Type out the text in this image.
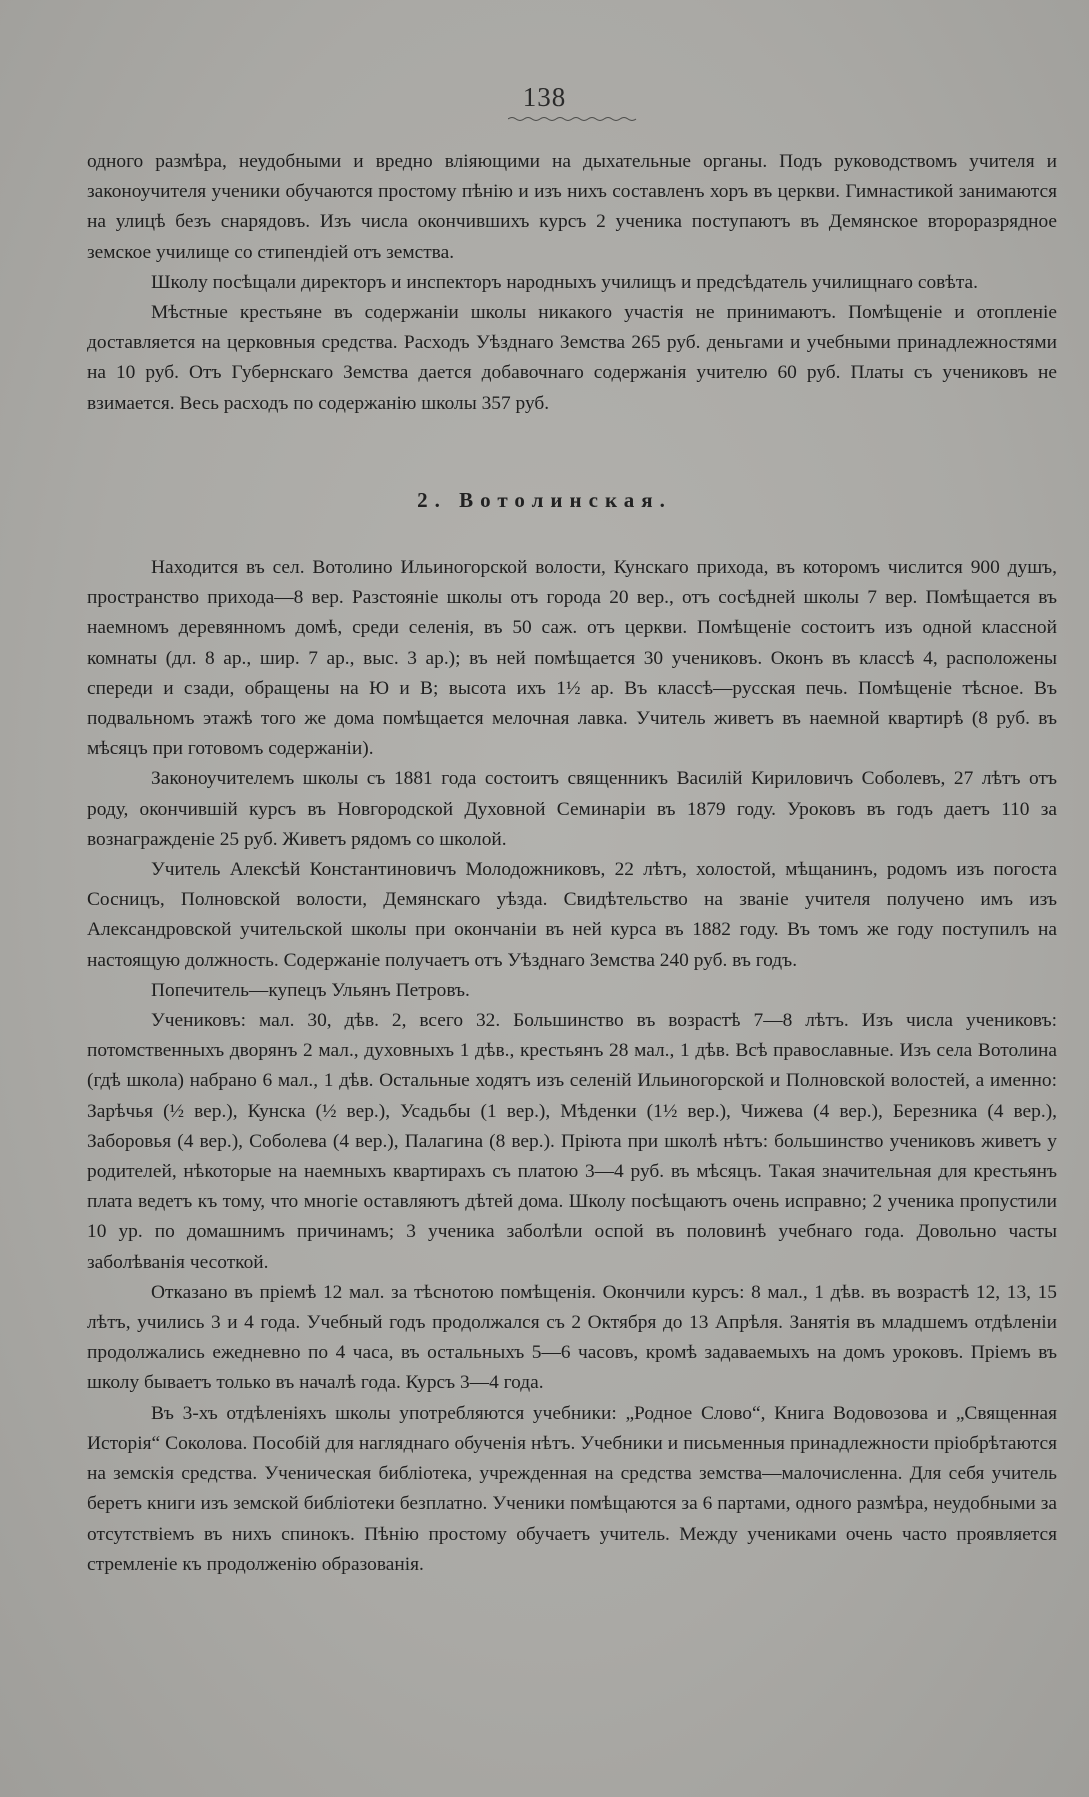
138

одного размѣра, неудобными и вредно вліяющими на дыхательные органы. Подъ руководствомъ учителя и законоучителя ученики обучаются простому пѣнію и изъ нихъ составленъ хоръ въ церкви. Гимнастикой занимаются на улицѣ безъ снарядовъ. Изъ числа окончившихъ курсъ 2 ученика поступаютъ въ Демянское второразрядное земское училище со стипендіей отъ земства.

Школу посѣщали директоръ и инспекторъ народныхъ училищъ и предсѣдатель училищнаго совѣта.

Мѣстные крестьяне въ содержаніи школы никакого участія не принимаютъ. Помѣщеніе и отопленіе доставляется на церковныя средства. Расходъ Уѣзднаго Земства 265 руб. деньгами и учебными принадлежностями на 10 руб. Отъ Губернскаго Земства дается добавочнаго содержанія учителю 60 руб. Платы съ учениковъ не взимается. Весь расходъ по содержанію школы 357 руб.

2. Вотолинская.

Находится въ сел. Вотолино Ильиногорской волости, Кунскаго прихода, въ которомъ числится 900 душъ, пространство прихода—8 вер. Разстояніе школы отъ города 20 вер., отъ сосѣдней школы 7 вер. Помѣщается въ наемномъ деревянномъ домѣ, среди селенія, въ 50 саж. отъ церкви. Помѣщеніе состоитъ изъ одной классной комнаты (дл. 8 ар., шир. 7 ар., выс. 3 ар.); въ ней помѣщается 30 учениковъ. Оконъ въ классѣ 4, расположены спереди и сзади, обращены на Ю и В; высота ихъ 1½ ар. Въ классѣ—русская печь. Помѣщеніе тѣсное. Въ подвальномъ этажѣ того же дома помѣщается мелочная лавка. Учитель живетъ въ наемной квартирѣ (8 руб. въ мѣсяцъ при готовомъ содержаніи).

Законоучителемъ школы съ 1881 года состоитъ священникъ Василій Кириловичъ Соболевъ, 27 лѣтъ отъ роду, окончившій курсъ въ Новгородской Духовной Семинаріи въ 1879 году. Уроковъ въ годъ даетъ 110 за вознагражденіе 25 руб. Живетъ рядомъ со школой.

Учитель Алексѣй Константиновичъ Молодожниковъ, 22 лѣтъ, холостой, мѣщанинъ, родомъ изъ погоста Сосницъ, Полновской волости, Демянскаго уѣзда. Свидѣтельство на званіе учителя получено имъ изъ Александровской учительской школы при окончаніи въ ней курса въ 1882 году. Въ томъ же году поступилъ на настоящую должность. Содержаніе получаетъ отъ Уѣзднаго Земства 240 руб. въ годъ.

Попечитель—купецъ Ульянъ Петровъ.

Учениковъ: мал. 30, дѣв. 2, всего 32. Большинство въ возрастѣ 7—8 лѣтъ. Изъ числа учениковъ: потомственныхъ дворянъ 2 мал., духовныхъ 1 дѣв., крестьянъ 28 мал., 1 дѣв. Всѣ православные. Изъ села Вотолина (гдѣ школа) набрано 6 мал., 1 дѣв. Остальные ходятъ изъ селеній Ильиногорской и Полновской волостей, а именно: Зарѣчья (½ вер.), Кунска (½ вер.), Усадьбы (1 вер.), Мѣденки (1½ вер.), Чижева (4 вер.), Березника (4 вер.), Заборовья (4 вер.), Соболева (4 вер.), Палагина (8 вер.). Пріюта при школѣ нѣтъ: большинство учениковъ живетъ у родителей, нѣкоторые на наемныхъ квартирахъ съ платою 3—4 руб. въ мѣсяцъ. Такая значительная для крестьянъ плата ведетъ къ тому, что многіе оставляютъ дѣтей дома. Школу посѣщаютъ очень исправно; 2 ученика пропустили 10 ур. по домашнимъ причинамъ; 3 ученика заболѣли оспой въ половинѣ учебнаго года. Довольно часты заболѣванія чесоткой.

Отказано въ пріемѣ 12 мал. за тѣснотою помѣщенія. Окончили курсъ: 8 мал., 1 дѣв. въ возрастѣ 12, 13, 15 лѣтъ, учились 3 и 4 года. Учебный годъ продолжался съ 2 Октября до 13 Апрѣля. Занятія въ младшемъ отдѣленіи продолжались ежедневно по 4 часа, въ остальныхъ 5—6 часовъ, кромѣ задаваемыхъ на домъ уроковъ. Пріемъ въ школу бываетъ только въ началѣ года. Курсъ 3—4 года.

Въ 3-хъ отдѣленіяхъ школы употребляются учебники: „Родное Слово“, Книга Водовозова и „Священная Исторія“ Соколова. Пособій для нагляднаго обученія нѣтъ. Учебники и письменныя принадлежности пріобрѣтаются на земскія средства. Ученическая библіотека, учрежденная на средства земства—малочисленна. Для себя учитель беретъ книги изъ земской библіотеки безплатно. Ученики помѣщаются за 6 партами, одного размѣра, неудобными за отсутствіемъ въ нихъ спинокъ. Пѣнію простому обучаетъ учитель. Между учениками очень часто проявляется стремленіе къ продолженію образованія.
